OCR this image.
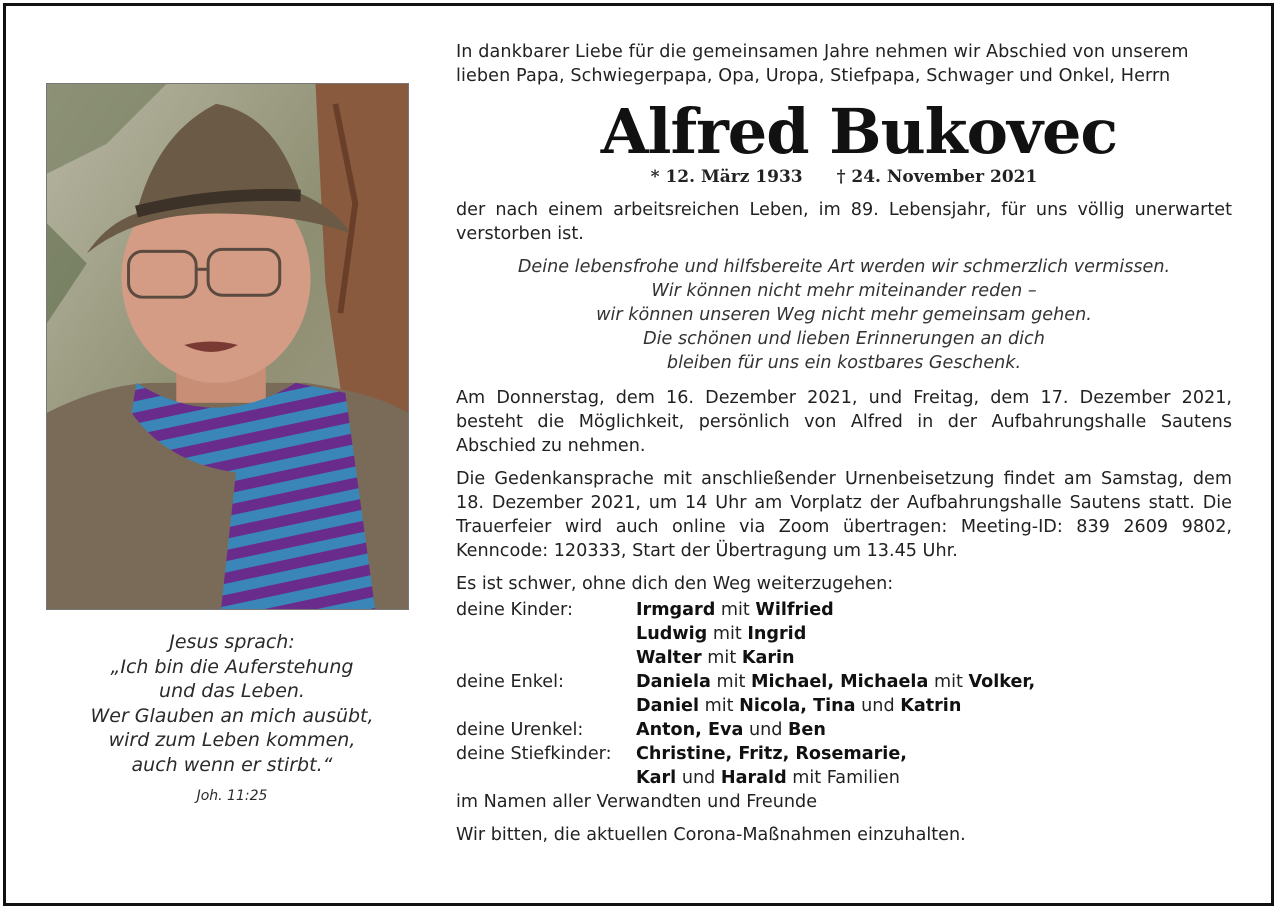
Jesus sprach:
„Ich bin die Auferstehung
und das Leben.
Wer Glauben an mich ausübt,
wird zum Leben kommen,
auch wenn er stirbt.“
Joh. 11:25
In dankbarer Liebe für die gemeinsamen Jahre nehmen wir Abschied von unserem lieben Papa, Schwiegerpapa, Opa, Uropa, Stiefpapa, Schwager und Onkel, Herrn
Alfred Bukovec
* 12. März 1933 † 24. November 2021
der nach einem arbeitsreichen Leben, im 89. Lebensjahr, für uns völlig unerwartet verstorben ist.
Deine lebensfrohe und hilfsbereite Art werden wir schmerzlich vermissen.
Wir können nicht mehr miteinander reden –
wir können unseren Weg nicht mehr gemeinsam gehen.
Die schönen und lieben Erinnerungen an dich
bleiben für uns ein kostbares Geschenk.
Am Donnerstag, dem 16. Dezember 2021, und Freitag, dem 17. Dezember 2021, besteht die Möglichkeit, persönlich von Alfred in der Aufbahrungshalle Sautens Abschied zu nehmen.
Die Gedenkansprache mit anschließender Urnenbeisetzung findet am Samstag, dem 18. Dezember 2021, um 14 Uhr am Vorplatz der Aufbahrungshalle Sautens statt. Die Trauerfeier wird auch online via Zoom übertragen: Meeting-ID: 839 2609 9802, Kenncode: 120333, Start der Übertragung um 13.45 Uhr.
Es ist schwer, ohne dich den Weg weiterzugehen:
deine Kinder:	Irmgard mit Wilfried
Ludwig mit Ingrid
Walter mit Karin
deine Enkel:	Daniela mit Michael, Michaela mit Volker,
Daniel mit Nicola, Tina und Katrin
deine Urenkel:	Anton, Eva und Ben
deine Stiefkinder:	Christine, Fritz, Rosemarie,
Karl und Harald mit Familien
im Namen aller Verwandten und Freunde
Wir bitten, die aktuellen Corona-Maßnahmen einzuhalten.
